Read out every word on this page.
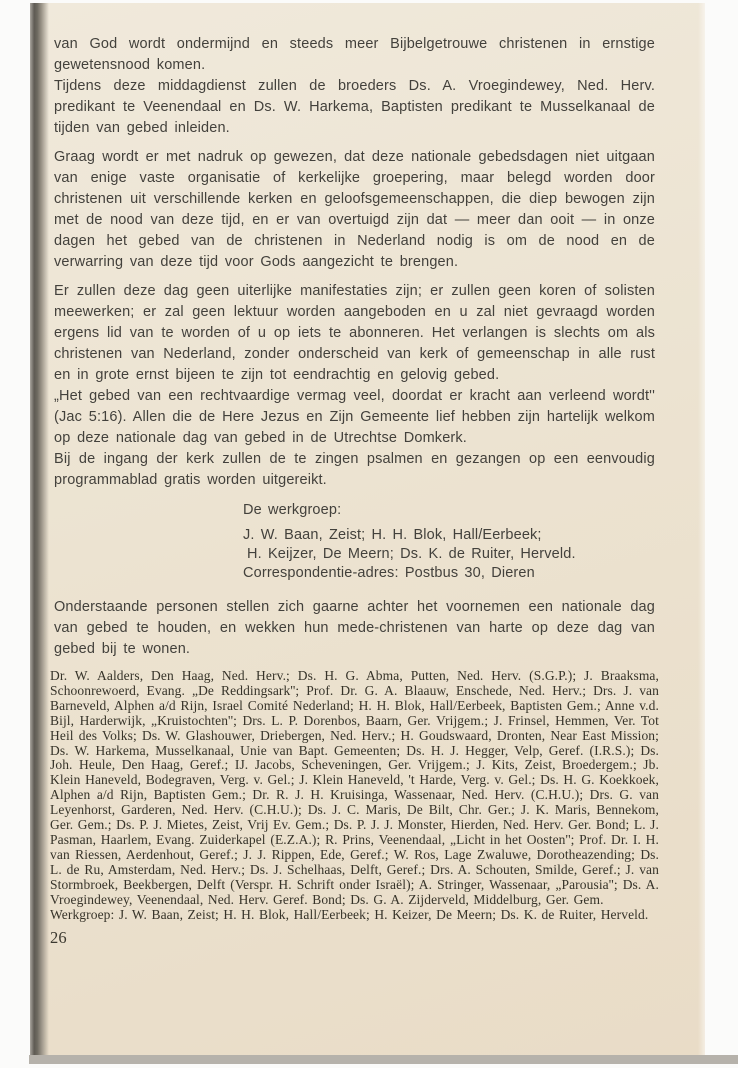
van God wordt ondermijnd en steeds meer Bijbelgetrouwe christenen in ernstige gewetensnood komen.

Tijdens deze middagdienst zullen de broeders Ds. A. Vroegindewey, Ned. Herv. predikant te Veenendaal en Ds. W. Harkema, Baptisten predikant te Musselkanaal de tijden van gebed inleiden.

Graag wordt er met nadruk op gewezen, dat deze nationale gebedsdagen niet uitgaan van enige vaste organisatie of kerkelijke groepering, maar belegd worden door christenen uit verschillende kerken en geloofsgemeenschappen, die diep bewogen zijn met de nood van deze tijd, en er van overtuigd zijn dat — meer dan ooit — in onze dagen het gebed van de christenen in Nederland nodig is om de nood en de verwarring van deze tijd voor Gods aangezicht te brengen.

Er zullen deze dag geen uiterlijke manifestaties zijn; er zullen geen koren of solisten meewerken; er zal geen lektuur worden aangeboden en u zal niet gevraagd worden ergens lid van te worden of u op iets te abonneren. Het verlangen is slechts om als christenen van Nederland, zonder onderscheid van kerk of gemeenschap in alle rust en in grote ernst bijeen te zijn tot eendrachtig en gelovig gebed.

„Het gebed van een rechtvaardige vermag veel, doordat er kracht aan verleend wordt'' (Jac 5:16). Allen die de Here Jezus en Zijn Gemeente lief hebben zijn hartelijk welkom op deze nationale dag van gebed in de Utrechtse Domkerk.

Bij de ingang der kerk zullen de te zingen psalmen en gezangen op een eenvoudig programmablad gratis worden uitgereikt.

De werkgroep:
J. W. Baan, Zeist; H. H. Blok, Hall/Eerbeek;
H. Keijzer, De Meern; Ds. K. de Ruiter, Herveld.
Correspondentie-adres: Postbus 30, Dieren

Onderstaande personen stellen zich gaarne achter het voornemen een nationale dag van gebed te houden, en wekken hun mede-christenen van harte op deze dag van gebed bij te wonen.

Dr. W. Aalders, Den Haag, Ned. Herv.; Ds. H. G. Abma, Putten, Ned. Herv. (S.G.P.); J. Braaksma, Schoonrewoerd, Evang. „De Reddingsark''; Prof. Dr. G. A. Blaauw, Enschede, Ned. Herv.; Drs. J. van Barneveld, Alphen a/d Rijn, Israel Comité Nederland; H. H. Blok, Hall/Eerbeek, Baptisten Gem.; Anne v.d. Bijl, Harderwijk, „Kruistochten''; Drs. L. P. Dorenbos, Baarn, Ger. Vrijgem.; J. Frinsel, Hemmen, Ver. Tot Heil des Volks; Ds. W. Glashouwer, Driebergen, Ned. Herv.; H. Goudswaard, Dronten, Near East Mission; Ds. W. Harkema, Musselkanaal, Unie van Bapt. Gemeenten; Ds. H. J. Hegger, Velp, Geref. (I.R.S.); Ds. Joh. Heule, Den Haag, Geref.; IJ. Jacobs, Scheveningen, Ger. Vrijgem.; J. Kits, Zeist, Broedergem.; Jb. Klein Haneveld, Bodegraven, Verg. v. Gel.; J. Klein Haneveld, 't Harde, Verg. v. Gel.; Ds. H. G. Koekkoek, Alphen a/d Rijn, Baptisten Gem.; Dr. R. J. H. Kruisinga, Wassenaar, Ned. Herv. (C.H.U.); Drs. G. van Leyenhorst, Garderen, Ned. Herv. (C.H.U.); Ds. J. C. Maris, De Bilt, Chr. Ger.; J. K. Maris, Bennekom, Ger. Gem.; Ds. P. J. Mietes, Zeist, Vrij Ev. Gem.; Ds. P. J. J. Monster, Hierden, Ned. Herv. Ger. Bond; L. J. Pasman, Haarlem, Evang. Zuiderkapel (E.Z.A.); R. Prins, Veenendaal, „Licht in het Oosten''; Prof. Dr. I. H. van Riessen, Aerdenhout, Geref.; J. J. Rippen, Ede, Geref.; W. Ros, Lage Zwaluwe, Dorotheazending; Ds. L. de Ru, Amsterdam, Ned. Herv.; Ds. J. Schelhaas, Delft, Geref.; Drs. A. Schouten, Smilde, Geref.; J. van Stormbroek, Beekbergen, Delft (Verspr. H. Schrift onder Israël); A. Stringer, Wassenaar, „Parousia''; Ds. A. Vroegindewey, Veenendaal, Ned. Herv. Geref. Bond; Ds. G. A. Zijderveld, Middelburg, Ger. Gem.

Werkgroep: J. W. Baan, Zeist; H. H. Blok, Hall/Eerbeek; H. Keizer, De Meern; Ds. K. de Ruiter, Herveld.

26
